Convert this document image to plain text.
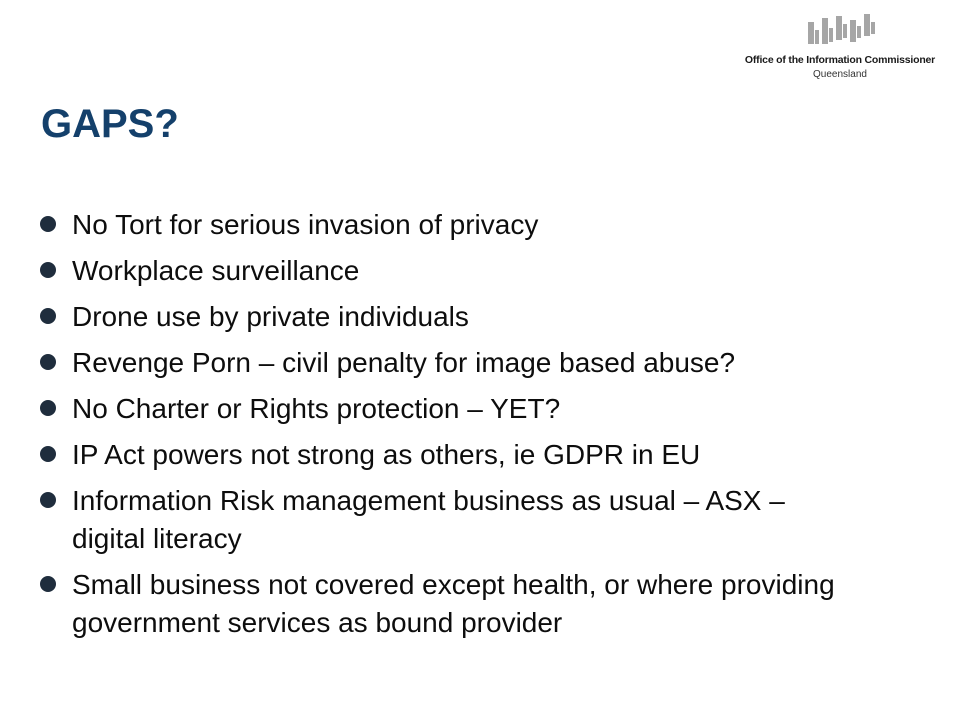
Office of the Information Commissioner
Queensland
GAPS?
No Tort for serious invasion of privacy
Workplace surveillance
Drone use by private individuals
Revenge Porn – civil penalty for image based abuse?
No Charter or Rights protection – YET?
IP Act powers not strong as others, ie GDPR in EU
Information Risk management business as usual – ASX – digital literacy
Small business not covered except health, or where providing government services as bound provider
